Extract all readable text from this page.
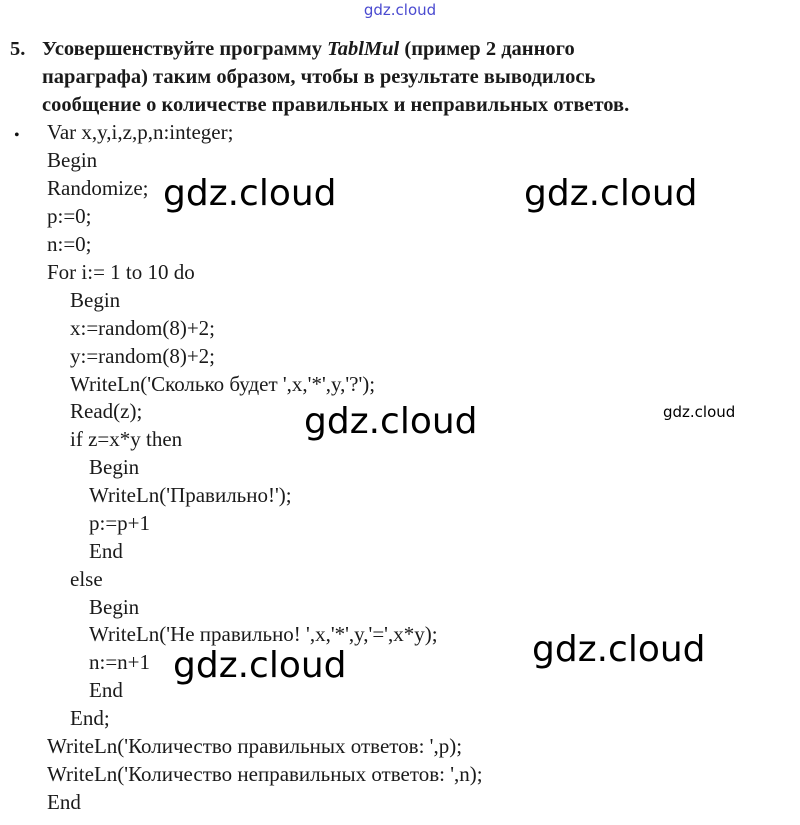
gdz.cloud
5. Усовершенствуйте программу TablMul (пример 2 данного
параграфа) таким образом, чтобы в результате выводилось
сообщение о количестве правильных и неправильных ответов.
• Var x,y,i,z,p,n:integer;
Begin
Randomize;
p:=0;
n:=0;
For i:= 1 to 10 do
Begin
x:=random(8)+2;
y:=random(8)+2;
WriteLn('Сколько будет ',x,'*',y,'?');
Read(z);
if z=x*y then
Begin
WriteLn('Правильно!');
p:=p+1
End
else
Begin
WriteLn('Не правильно! ',x,'*',y,'=',x*y);
n:=n+1
End
End;
WriteLn('Количество правильных ответов: ',p);
WriteLn('Количество неправильных ответов: ',n);
End
gdz.cloud	gdz.cloud
gdz.cloud	gdz.cloud
gdz.cloud
gdz.cloud
